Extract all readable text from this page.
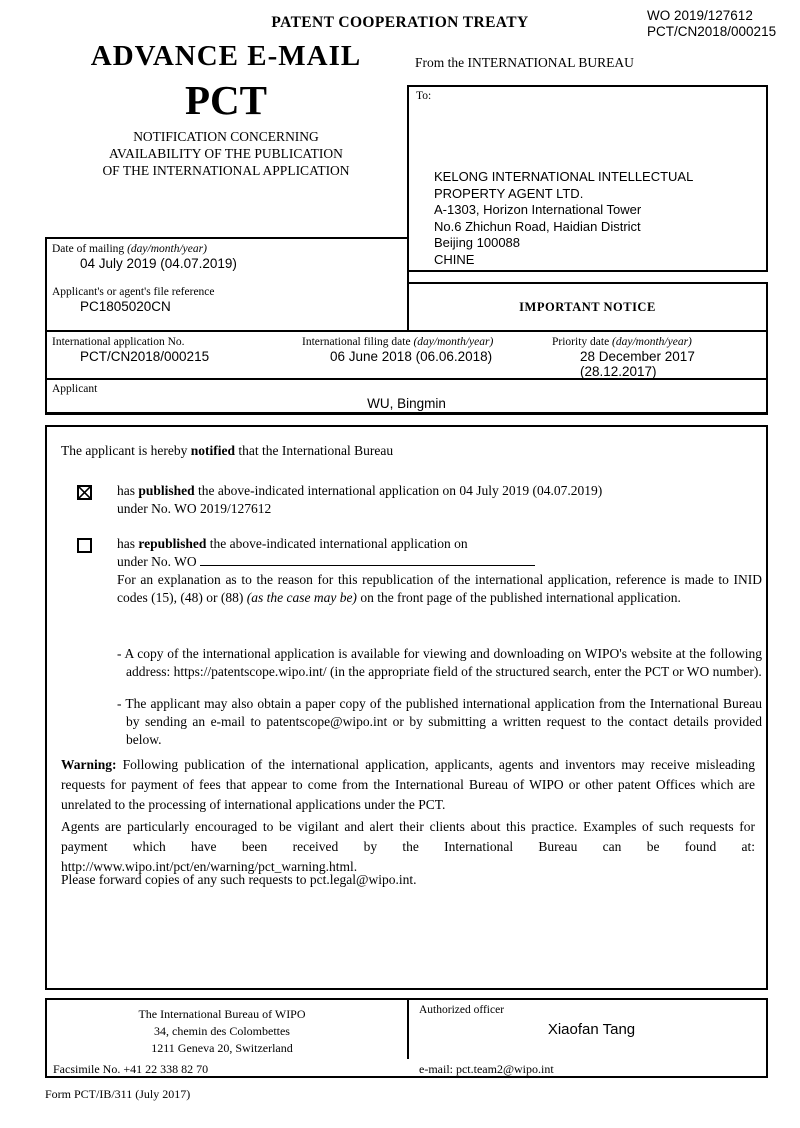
PATENT COOPERATION TREATY	WO 2019/127612
PCT/CN2018/000215
ADVANCE E-MAIL	From the INTERNATIONAL BUREAU
PCT
NOTIFICATION CONCERNING
AVAILABILITY OF THE PUBLICATION
OF THE INTERNATIONAL APPLICATION
To:
KELONG INTERNATIONAL INTELLECTUAL
PROPERTY AGENT LTD.
A-1303, Horizon International Tower
No.6 Zhichun Road, Haidian District
Beijing 100088
CHINE
Date of mailing (day/month/year)
04 July 2019 (04.07.2019)
Applicant's or agent's file reference
PC1805020CN	IMPORTANT NOTICE
International application No.
PCT/CN2018/000215
International filing date (day/month/year)
06 June 2018 (06.06.2018)
Priority date (day/month/year)
28 December 2017 (28.12.2017)
Applicant
WU, Bingmin
The applicant is hereby notified that the International Bureau
has published the above-indicated international application on 04 July 2019 (04.07.2019)
under No. WO 2019/127612
has republished the above-indicated international application on
under No. WO
For an explanation as to the reason for this republication of the international application, reference is made to INID codes (15), (48) or (88) (as the case may be) on the front page of the published international application.
- A copy of the international application is available for viewing and downloading on WIPO's website at the following address: https://patentscope.wipo.int/ (in the appropriate field of the structured search, enter the PCT or WO number).
- The applicant may also obtain a paper copy of the published international application from the International Bureau by sending an e-mail to patentscope@wipo.int or by submitting a written request to the contact details provided below.
Warning: Following publication of the international application, applicants, agents and inventors may receive misleading requests for payment of fees that appear to come from the International Bureau of WIPO or other patent Offices which are unrelated to the processing of international applications under the PCT.
Agents are particularly encouraged to be vigilant and alert their clients about this practice. Examples of such requests for payment which have been received by the International Bureau can be found at: http://www.wipo.int/pct/en/warning/pct_warning.html.
Please forward copies of any such requests to pct.legal@wipo.int.
The International Bureau of WIPO
34, chemin des Colombettes
1211 Geneva 20, Switzerland
Authorized officer
Xiaofan Tang
Facsimile No. +41 22 338 82 70	e-mail: pct.team2@wipo.int
Form PCT/IB/311 (July 2017)
